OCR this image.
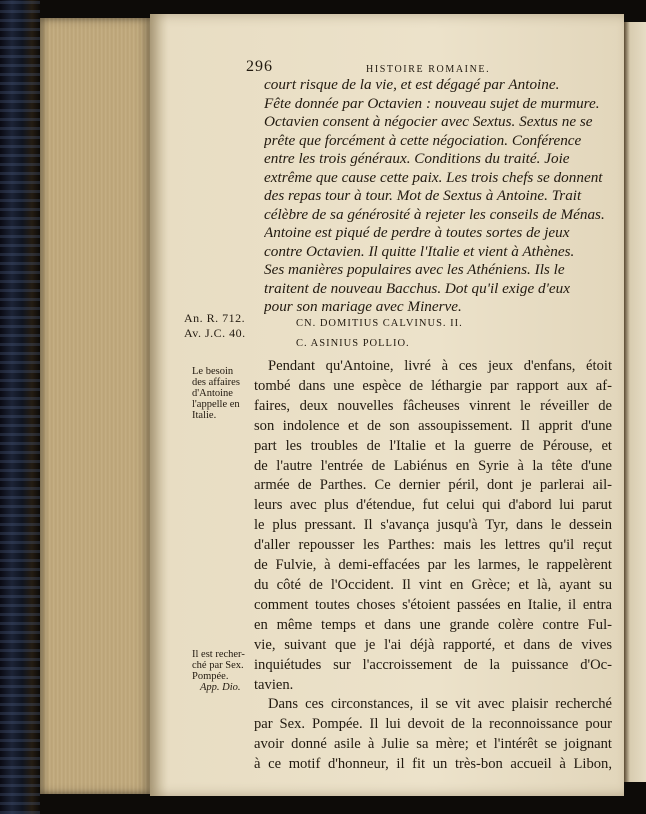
296	HISTOIRE ROMAINE.
court risque de la vie, et est dégagé par Antoine.
Fête donnée par Octavien : nouveau sujet de murmure.
Octavien consent à négocier avec Sextus. Sextus ne se
prête que forcément à cette négociation. Conférence
entre les trois généraux. Conditions du traité. Joie
extrême que cause cette paix. Les trois chefs se donnent
des repas tour à tour. Mot de Sextus à Antoine. Trait
célèbre de sa générosité à rejeter les conseils de Ménas.
Antoine est piqué de perdre à toutes sortes de jeux
contre Octavien. Il quitte l'Italie et vient à Athènes.
Ses manières populaires avec les Athéniens. Ils le
traitent de nouveau Bacchus. Dot qu'il exige d'eux
pour son mariage avec Minerve.
An. R. 712.
Av. J.C. 40.
CN. DOMITIUS CALVINUS. II.
C. ASINIUS POLLIO.
Le besoin
des affaires
d'Antoine
l'appelle en
Italie.
Il est recher-
ché par Sex.
Pompée.
App. Dio.
Pendant qu'Antoine, livré à ces jeux d'enfans, étoit
tombé dans une espèce de léthargie par rapport aux af-
faires, deux nouvelles fâcheuses vinrent le réveiller de
son indolence et de son assoupissement. Il apprit d'une
part les troubles de l'Italie et la guerre de Pérouse, et
de l'autre l'entrée de Labiénus en Syrie à la tête d'une
armée de Parthes. Ce dernier péril, dont je parlerai ail-
leurs avec plus d'étendue, fut celui qui d'abord lui parut
le plus pressant. Il s'avança jusqu'à Tyr, dans le dessein
d'aller repousser les Parthes: mais les lettres qu'il reçut
de Fulvie, à demi-effacées par les larmes, le rappelèrent
du côté de l'Occident. Il vint en Grèce; et là, ayant su
comment toutes choses s'étoient passées en Italie, il entra
en même temps et dans une grande colère contre Ful-
vie, suivant que je l'ai déjà rapporté, et dans de vives
inquiétudes sur l'accroissement de la puissance d'Oc-
tavien.
Dans ces circonstances, il se vit avec plaisir recherché
par Sex. Pompée. Il lui devoit de la reconnoissance pour
avoir donné asile à Julie sa mère; et l'intérêt se joignant
à ce motif d'honneur, il fit un très-bon accueil à Libon,
